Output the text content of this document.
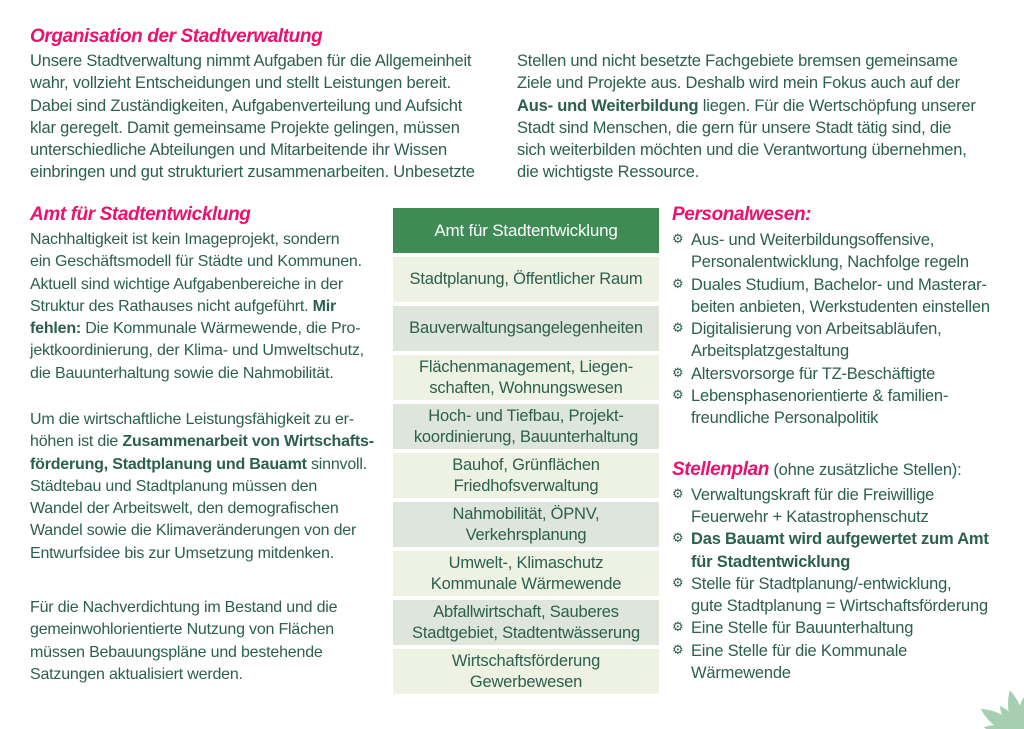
Organisation der Stadtverwaltung
Unsere Stadtverwaltung nimmt Aufgaben für die Allgemeinheit
wahr, vollzieht Entscheidungen und stellt Leistungen bereit.
Dabei sind Zuständigkeiten, Aufgabenverteilung und Aufsicht
klar geregelt. Damit gemeinsame Projekte gelingen, müssen
unterschiedliche Abteilungen und Mitarbeitende ihr Wissen
einbringen und gut strukturiert zusammenarbeiten. Unbesetzte
Stellen und nicht besetzte Fachgebiete bremsen gemeinsame
Ziele und Projekte aus. Deshalb wird mein Fokus auch auf der
Aus- und Weiterbildung liegen. Für die Wertschöpfung unserer
Stadt sind Menschen, die gern für unsere Stadt tätig sind, die
sich weiterbilden möchten und die Verantwortung übernehmen,
die wichtigste Ressource.
Amt für Stadtentwicklung
Nachhaltigkeit ist kein Imageprojekt, sondern
ein Geschäftsmodell für Städte und Kommunen.
Aktuell sind wichtige Aufgabenbereiche in der
Struktur des Rathauses nicht aufgeführt. Mir
fehlen: Die Kommunale Wärmewende, die Pro-
jektkoordinierung, der Klima- und Umweltschutz,
die Bauunterhaltung sowie die Nahmobilität.
Um die wirtschaftliche Leistungsfähigkeit zu er-
höhen ist die Zusammenarbeit von Wirtschafts-
förderung, Stadtplanung und Bauamt sinnvoll.
Städtebau und Stadtplanung müssen den
Wandel der Arbeitswelt, den demografischen
Wandel sowie die Klimaveränderungen von der
Entwurfsidee bis zur Umsetzung mitdenken.
Für die Nachverdichtung im Bestand und die
gemeinwohlorientierte Nutzung von Flächen
müssen Bebauungspläne und bestehende
Satzungen aktualisiert werden.
Amt für Stadtentwicklung
Stadtplanung, Öffentlicher Raum
Bauverwaltungsangelegenheiten
Flächenmanagement, Liegen-
schaften, Wohnungswesen
Hoch- und Tiefbau, Projekt-
koordinierung, Bauunterhaltung
Bauhof, Grünflächen
Friedhofsverwaltung
Nahmobilität, ÖPNV,
Verkehrsplanung
Umwelt-, Klimaschutz
Kommunale Wärmewende
Abfallwirtschaft, Sauberes
Stadtgebiet, Stadtentwässerung
Wirtschaftsförderung
Gewerbewesen
Personalwesen:
⚙ Aus- und Weiterbildungsoffensive,
Personalentwicklung, Nachfolge regeln
⚙ Duales Studium, Bachelor- und Masterar-
beiten anbieten, Werkstudenten einstellen
⚙ Digitalisierung von Arbeitsabläufen,
Arbeitsplatzgestaltung
⚙ Altersvorsorge für TZ-Beschäftigte
⚙ Lebensphasenorientierte & familien-
freundliche Personalpolitik
Stellenplan (ohne zusätzliche Stellen):
⚙ Verwaltungskraft für die Freiwillige
Feuerwehr + Katastrophenschutz
⚙ Das Bauamt wird aufgewertet zum Amt
für Stadtentwicklung
⚙ Stelle für Stadtplanung/-entwicklung,
gute Stadtplanung = Wirtschaftsförderung
⚙ Eine Stelle für Bauunterhaltung
⚙ Eine Stelle für die Kommunale
Wärmewende
